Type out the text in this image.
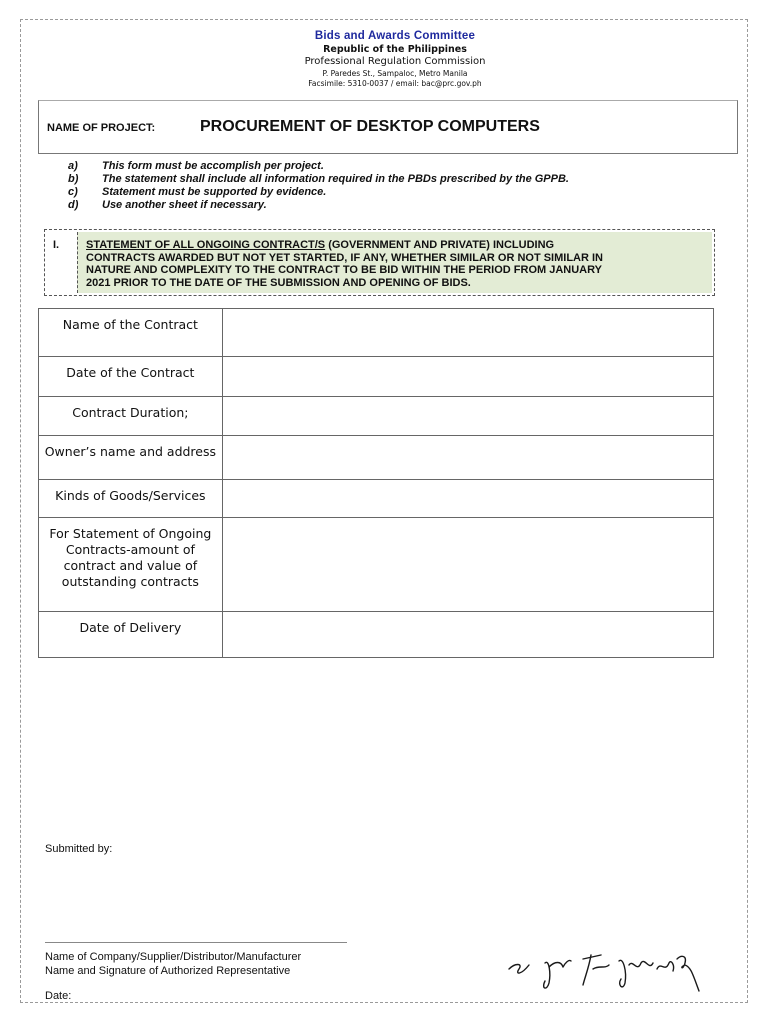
Bids and Awards Committee
Republic of the Philippines
Professional Regulation Commission
P. Paredes St., Sampaloc, Metro Manila
Facsimile: 5310-0037 / email: bac@prc.gov.ph
NAME OF PROJECT:	PROCUREMENT OF DESKTOP COMPUTERS
a)	This form must be accomplish per project.
b)	The statement shall include all information required in the PBDs prescribed by the GPPB.
c)	Statement must be supported by evidence.
d)	Use another sheet if necessary.
I. STATEMENT OF ALL ONGOING CONTRACT/S (GOVERNMENT AND PRIVATE) INCLUDING
CONTRACTS AWARDED BUT NOT YET STARTED, IF ANY, WHETHER SIMILAR OR NOT SIMILAR IN
NATURE AND COMPLEXITY TO THE CONTRACT TO BE BID WITHIN THE PERIOD FROM JANUARY
2021 PRIOR TO THE DATE OF THE SUBMISSION AND OPENING OF BIDS.
Name of the Contract	
Date of the Contract	
Contract Duration;	
Owner’s name and address	
Kinds of Goods/Services	
For Statement of Ongoing Contracts-amount of contract and value of outstanding contracts	
Date of Delivery	
Submitted by:
Name of Company/Supplier/Distributor/Manufacturer
Name and Signature of Authorized Representative
Date:
